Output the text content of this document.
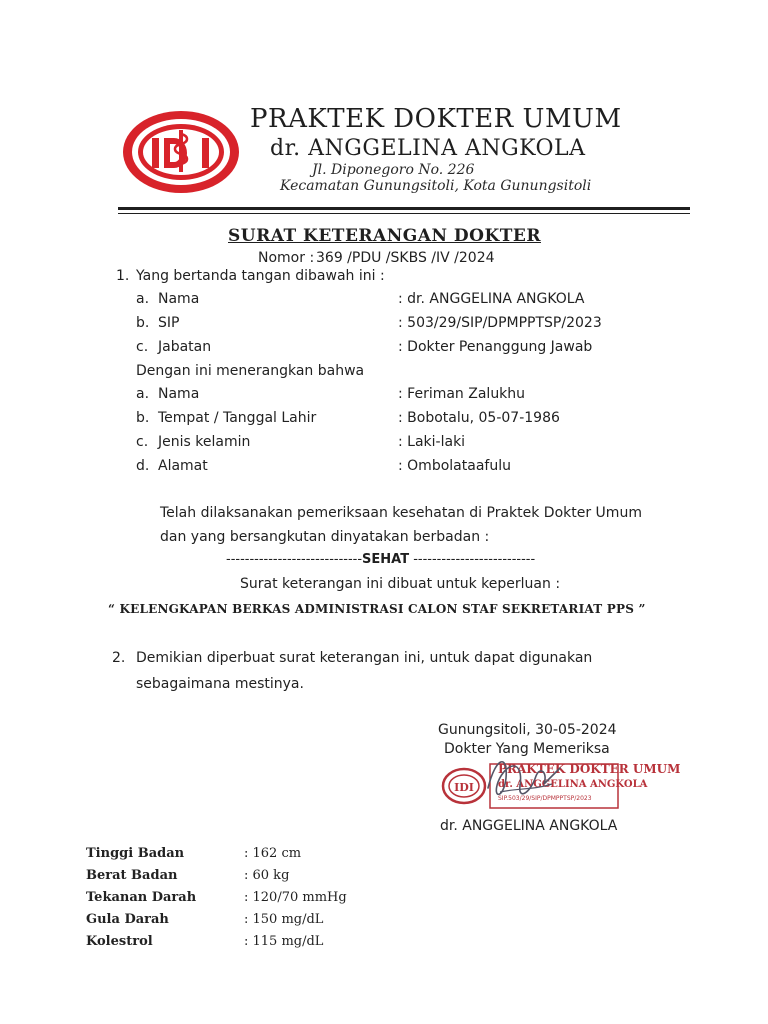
PRAKTEK DOKTER UMUM
dr. ANGGELINA ANGKOLA
Jl. Diponegoro No. 226
Kecamatan Gunungsitoli, Kota Gunungsitoli
SURAT KETERANGAN DOKTER
Nomor : 369 /PDU /SKBS /IV /2024
1. Yang bertanda tangan dibawah ini :
a. Nama	: dr. ANGGELINA ANGKOLA
b. SIP	: 503/29/SIP/DPMPPTSP/2023
c. Jabatan	: Dokter Penanggung Jawab
Dengan ini menerangkan bahwa
a. Nama	: Feriman Zalukhu
b. Tempat / Tanggal Lahir	: Bobotalu, 05-07-1986
c. Jenis kelamin	: Laki-laki
d. Alamat	: Ombolataafulu
Telah dilaksanakan pemeriksaan kesehatan di Praktek Dokter Umum
dan yang bersangkutan dinyatakan berbadan :
-----------------------------SEHAT --------------------------
Surat keterangan ini dibuat untuk keperluan :
“ KELENGKAPAN BERKAS ADMINISTRASI CALON STAF SEKRETARIAT PPS ”
2. Demikian diperbuat surat keterangan ini, untuk dapat digunakan
sebagaimana mestinya.
Gunungsitoli, 30-05-2024
Dokter Yang Memeriksa
IDI
PRAKTEK DOKTER UMUM
dr. ANGGELINA ANGKOLA
SIP.503/29/SIP/DPMPPTSP/2023
dr. ANGGELINA ANGKOLA
Tinggi Badan	: 162 cm
Berat Badan	: 60 kg
Tekanan Darah	: 120/70 mmHg
Gula Darah	: 150 mg/dL
Kolestrol	: 115 mg/dL
